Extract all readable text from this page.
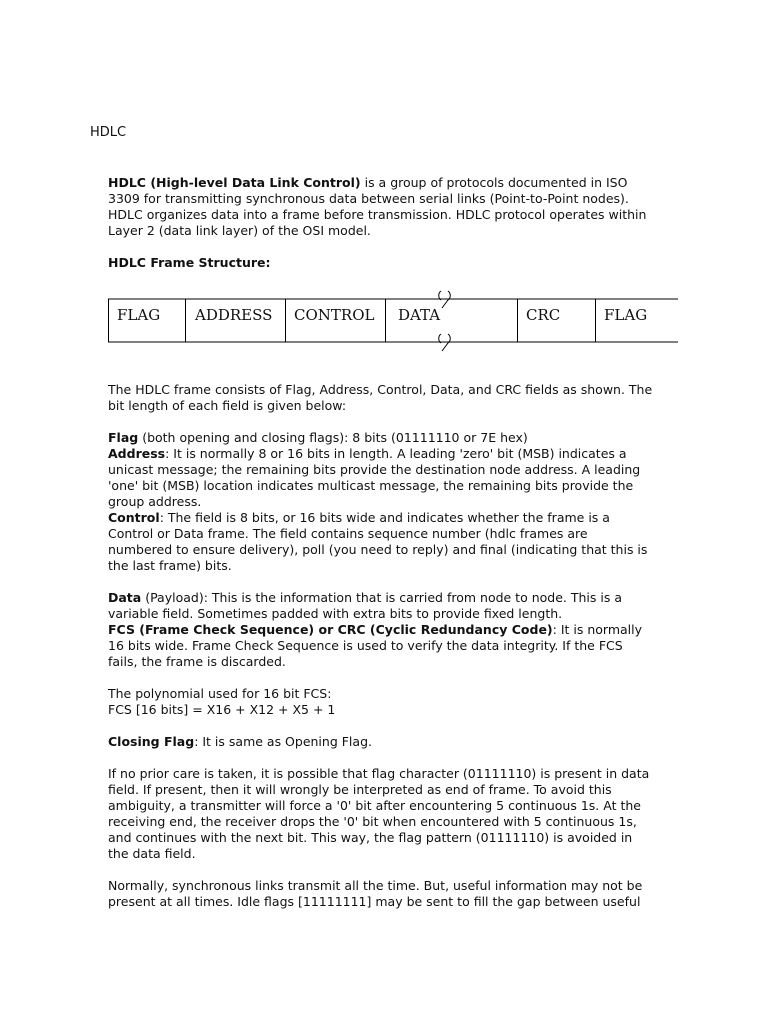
HDLC

HDLC (High-level Data Link Control) is a group of protocols documented in ISO 3309 for transmitting synchronous data between serial links (Point-to-Point nodes). HDLC organizes data into a frame before transmission. HDLC protocol operates within Layer 2 (data link layer) of the OSI model.

HDLC Frame Structure:

FLAG ADDRESS CONTROL DATA	CRC	FLAG

The HDLC frame consists of Flag, Address, Control, Data, and CRC fields as shown. The bit length of each field is given below:

Flag (both opening and closing flags): 8 bits (01111110 or 7E hex)

Address: It is normally 8 or 16 bits in length. A leading 'zero' bit (MSB) indicates a unicast message; the remaining bits provide the destination node address. A leading 'one' bit (MSB) location indicates multicast message, the remaining bits provide the group address.

Control: The field is 8 bits, or 16 bits wide and indicates whether the frame is a Control or Data frame. The field contains sequence number (hdlc frames are numbered to ensure delivery), poll (you need to reply) and final (indicating that this is the last frame) bits.

Data (Payload): This is the information that is carried from node to node. This is a variable field. Sometimes padded with extra bits to provide fixed length.

FCS (Frame Check Sequence) or CRC (Cyclic Redundancy Code): It is normally 16 bits wide. Frame Check Sequence is used to verify the data integrity. If the FCS fails, the frame is discarded.

The polynomial used for 16 bit FCS:

FCS [16 bits] = X16 + X12 + X5 + 1

Closing Flag: It is same as Opening Flag.

If no prior care is taken, it is possible that flag character (01111110) is present in data field. If present, then it will wrongly be interpreted as end of frame. To avoid this ambiguity, a transmitter will force a '0' bit after encountering 5 continuous 1s. At the receiving end, the receiver drops the '0' bit when encountered with 5 continuous 1s, and continues with the next bit. This way, the flag pattern (01111110) is avoided in the data field.

Normally, synchronous links transmit all the time. But, useful information may not be present at all times. Idle flags [11111111] may be sent to fill the gap between useful
